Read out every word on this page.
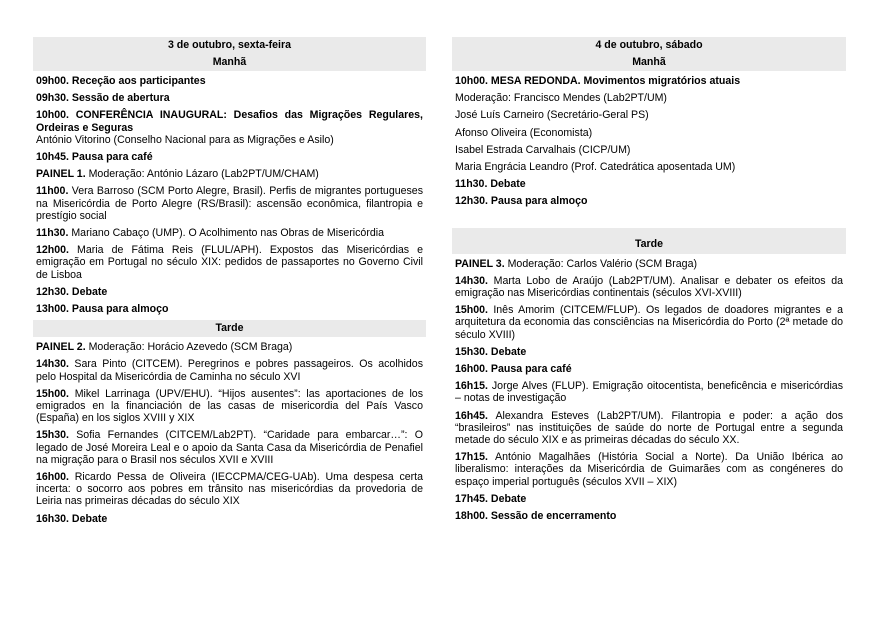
3 de outubro, sexta-feira
Manhã
09h00. Receção aos participantes
09h30. Sessão de abertura
10h00. CONFERÊNCIA INAUGURAL: Desafios das Migrações Regulares, Ordeiras e Seguras
António Vitorino (Conselho Nacional para as Migrações e Asilo)
10h45. Pausa para café
PAINEL 1. Moderação: António Lázaro (Lab2PT/UM/CHAM)
11h00. Vera Barroso (SCM Porto Alegre, Brasil). Perfis de migrantes portugueses na Misericórdia de Porto Alegre (RS/Brasil): ascensão econômica, filantropia e prestígio social
11h30. Mariano Cabaço (UMP). O Acolhimento nas Obras de Misericórdia
12h00. Maria de Fátima Reis (FLUL/APH). Expostos das Misericórdias e emigração em Portugal no século XIX: pedidos de passaportes no Governo Civil de Lisboa
12h30. Debate
13h00. Pausa para almoço
Tarde
PAINEL 2. Moderação: Horácio Azevedo (SCM Braga)
14h30. Sara Pinto (CITCEM). Peregrinos e pobres passageiros. Os acolhidos pelo Hospital da Misericórdia de Caminha no século XVI
15h00. Mikel Larrinaga (UPV/EHU). “Hijos ausentes”: las aportaciones de los emigrados en la financiación de las casas de misericordia del País Vasco (España) en los siglos XVIII y XIX
15h30. Sofia Fernandes (CITCEM/Lab2PT). “Caridade para embarcar…”: O legado de José Moreira Leal e o apoio da Santa Casa da Misericórdia de Penafiel na migração para o Brasil nos séculos XVII e XVIII
16h00. Ricardo Pessa de Oliveira (IECCPMA/CEG-UAb). Uma despesa certa incerta: o socorro aos pobres em trânsito nas misericórdias da provedoria de Leiria nas primeiras décadas do século XIX
16h30. Debate
4 de outubro, sábado
Manhã
10h00. MESA REDONDA. Movimentos migratórios atuais
Moderação: Francisco Mendes (Lab2PT/UM)
José Luís Carneiro (Secretário-Geral PS)
Afonso Oliveira (Economista)
Isabel Estrada Carvalhais (CICP/UM)
Maria Engrácia Leandro (Prof. Catedrática aposentada UM)
11h30. Debate
12h30. Pausa para almoço
Tarde
PAINEL 3. Moderação: Carlos Valério (SCM Braga)
14h30. Marta Lobo de Araújo (Lab2PT/UM). Analisar e debater os efeitos da emigração nas Misericórdias continentais (séculos XVI-XVIII)
15h00. Inês Amorim (CITCEM/FLUP). Os legados de doadores migrantes e a arquitetura da economia das consciências na Misericórdia do Porto (2ª metade do século XVIII)
15h30. Debate
16h00. Pausa para café
16h15. Jorge Alves (FLUP). Emigração oitocentista, beneficência e misericórdias – notas de investigação
16h45. Alexandra Esteves (Lab2PT/UM). Filantropia e poder: a ação dos “brasileiros” nas instituições de saúde do norte de Portugal entre a segunda metade do século XIX e as primeiras décadas do século XX.
17h15. António Magalhães (História Social a Norte). Da União Ibérica ao liberalismo: interações da Misericórdia de Guimarães com as congéneres do espaço imperial português (séculos XVII – XIX)
17h45. Debate
18h00. Sessão de encerramento
